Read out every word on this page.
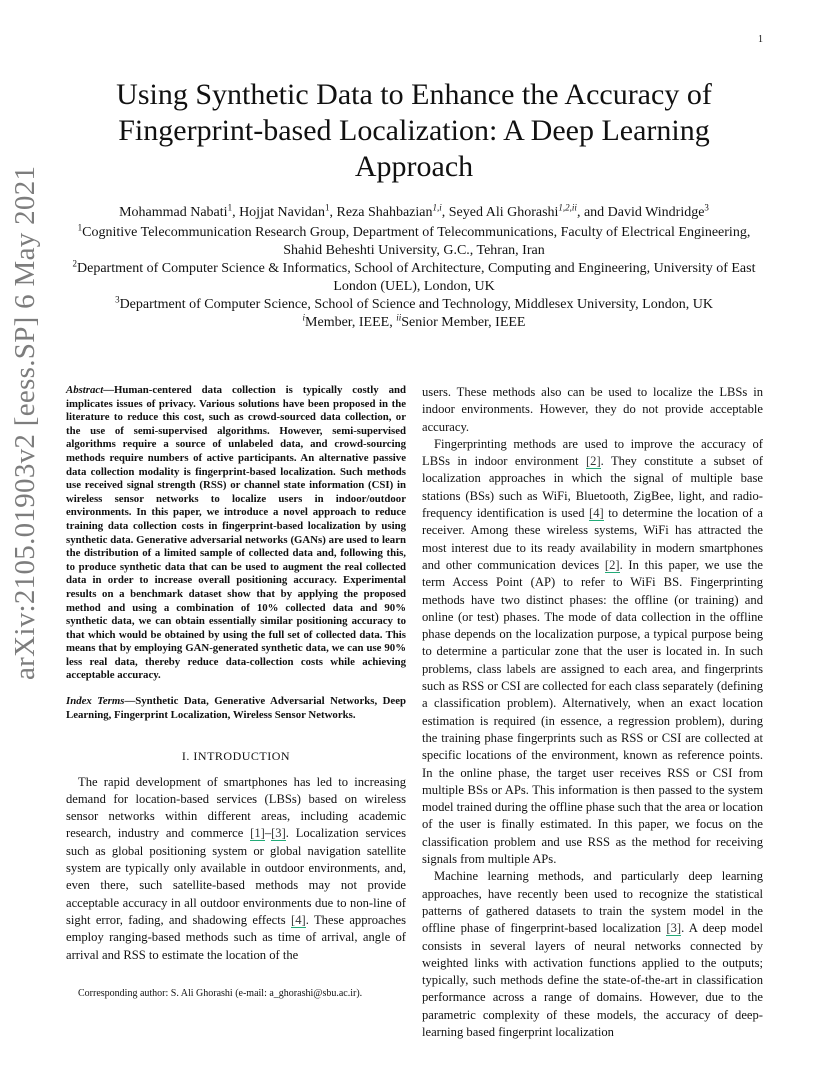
1
arXiv:2105.01903v2 [eess.SP] 6 May 2021
Using Synthetic Data to Enhance the Accuracy of
Fingerprint-based Localization: A Deep Learning
Approach
Mohammad Nabati$^1$, Hojjat Navidan$^1$, Reza Shahbazian$^{1,i}$, Seyed Ali Ghorashi$^{1,2,ii}$, and David Windridge$^3$
$^1$Cognitive Telecommunication Research Group, Department of Telecommunications, Faculty of Electrical Engineering, Shahid Beheshti University, G.C., Tehran, Iran
$^2$Department of Computer Science & Informatics, School of Architecture, Computing and Engineering, University of East London (UEL), London, UK
$^3$Department of Computer Science, School of Science and Technology, Middlesex University, London, UK
$^i$Member, IEEE, $^{ii}$Senior Member, IEEE

Abstract—Human-centered data collection is typically costly and implicates issues of privacy. Various solutions have been proposed in the literature to reduce this cost, such as crowd-sourced data collection, or the use of semi-supervised algorithms. However, semi-supervised algorithms require a source of unlabeled data, and crowd-sourcing methods require numbers of active participants. An alternative passive data collection modality is fingerprint-based localization. Such methods use received signal strength (RSS) or channel state information (CSI) in wireless sensor networks to localize users in indoor/outdoor environments. In this paper, we introduce a novel approach to reduce training data collection costs in fingerprint-based localization by using synthetic data. Generative adversarial networks (GANs) are used to learn the distribution of a limited sample of collected data and, following this, to produce synthetic data that can be used to augment the real collected data in order to increase overall positioning accuracy. Experimental results on a benchmark dataset show that by applying the proposed method and using a combination of 10% collected data and 90% synthetic data, we can obtain essentially similar positioning accuracy to that which would be obtained by using the full set of collected data. This means that by employing GAN-generated synthetic data, we can use 90% less real data, thereby reduce data-collection costs while achieving acceptable accuracy.

Index Terms—Synthetic Data, Generative Adversarial Networks, Deep Learning, Fingerprint Localization, Wireless Sensor Networks.

I. INTRODUCTION

The rapid development of smartphones has led to increasing demand for location-based services (LBSs) based on wireless sensor networks within different areas, including academic research, industry and commerce [1]–[3]. Localization services such as global positioning system or global navigation satellite system are typically only available in outdoor environments, and, even there, such satellite-based methods may not provide acceptable accuracy in all outdoor environments due to non-line of sight error, fading, and shadowing effects [4]. These approaches employ ranging-based methods such as time of arrival, angle of arrival and RSS to estimate the location of the

Corresponding author: S. Ali Ghorashi (e-mail: a_ghorashi@sbu.ac.ir).

users. These methods also can be used to localize the LBSs in indoor environments. However, they do not provide acceptable accuracy.

Fingerprinting methods are used to improve the accuracy of LBSs in indoor environment [2]. They constitute a subset of localization approaches in which the signal of multiple base stations (BSs) such as WiFi, Bluetooth, ZigBee, light, and radio-frequency identification is used [4] to determine the location of a receiver. Among these wireless systems, WiFi has attracted the most interest due to its ready availability in modern smartphones and other communication devices [2]. In this paper, we use the term Access Point (AP) to refer to WiFi BS. Fingerprinting methods have two distinct phases: the offline (or training) and online (or test) phases. The mode of data collection in the offline phase depends on the localization purpose, a typical purpose being to determine a particular zone that the user is located in. In such problems, class labels are assigned to each area, and fingerprints such as RSS or CSI are collected for each class separately (defining a classification problem). Alternatively, when an exact location estimation is required (in essence, a regression problem), during the training phase fingerprints such as RSS or CSI are collected at specific locations of the environment, known as reference points. In the online phase, the target user receives RSS or CSI from multiple BSs or APs. This information is then passed to the system model trained during the offline phase such that the area or location of the user is finally estimated. In this paper, we focus on the classification problem and use RSS as the method for receiving signals from multiple APs.

Machine learning methods, and particularly deep learning approaches, have recently been used to recognize the statistical patterns of gathered datasets to train the system model in the offline phase of fingerprint-based localization [3]. A deep model consists in several layers of neural networks connected by weighted links with activation functions applied to the outputs; typically, such methods define the state-of-the-art in classification performance across a range of domains. However, due to the parametric complexity of these models, the accuracy of deep-learning based fingerprint localization
